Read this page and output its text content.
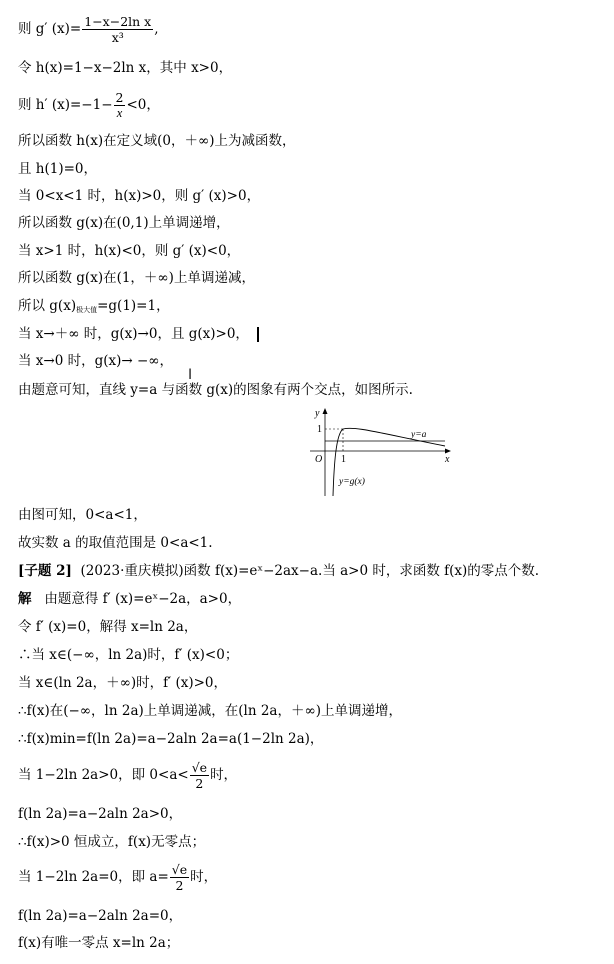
则 g′ $(x)= \frac{\text{1−x−2ln x}}{\text{x³}}$ ,
令 h(x)=1−x−2ln x，其中 x>0，
则 h′ $(x)=-1- \frac{2}{x} <0$，
所以函数 h(x)在定义域(0，＋∞)上为减函数，
且 h(1)=0，
当 0<x<1 时，h(x)>0，则 g′ (x)>0，
所以函数 g(x)在(0,1)上单调递增，
当 x>1 时，h(x)<0，则 g′ (x)<0，
所以函数 g(x)在(1，＋∞)上单调递减，
所以 $g(x)_{极大值}=g(1)=1$，
当 x→＋∞ 时，g(x)→0，且 g(x)>0，
当 x→0 时，g(x)→ −∞，
Ι
由题意可知，直线 y=a 与函数 g(x)的图象有两个交点，如图所示.
y
x
O
1
1
y=a
y=g(x)
由图可知，0<a<1，
故实数 a 的取值范围是 0<a<1.
[子题 2] (2023·重庆模拟)函数 f(x)=eˣ−2ax−a.当 a>0 时，求函数 f(x)的零点个数.
解 由题意得 f′ (x)=eˣ−2a，a>0，
令 f′ (x)=0，解得 x=ln 2a，
∴当 x∈(−∞，ln 2a)时，f′ (x)<0；
当 x∈(ln 2a，＋∞)时，f′ (x)>0，
∴f(x)在(−∞，ln 2a)上单调递减，在(ln 2a，＋∞)上单调递增，
∴f(x)min=f(ln 2a)=a−2aln 2a=a(1−2ln 2a)，
当 1−2ln 2a>0，即 $0<a< \frac{√e}{2}$ 时，
f(ln 2a)=a−2aln 2a>0，
∴f(x)>0 恒成立，f(x)无零点；
当 1−2ln 2a=0，即 $a= \frac{√e}{2}$ 时，
f(ln 2a)=a−2aln 2a=0，
f(x)有唯一零点 x=ln 2a；
